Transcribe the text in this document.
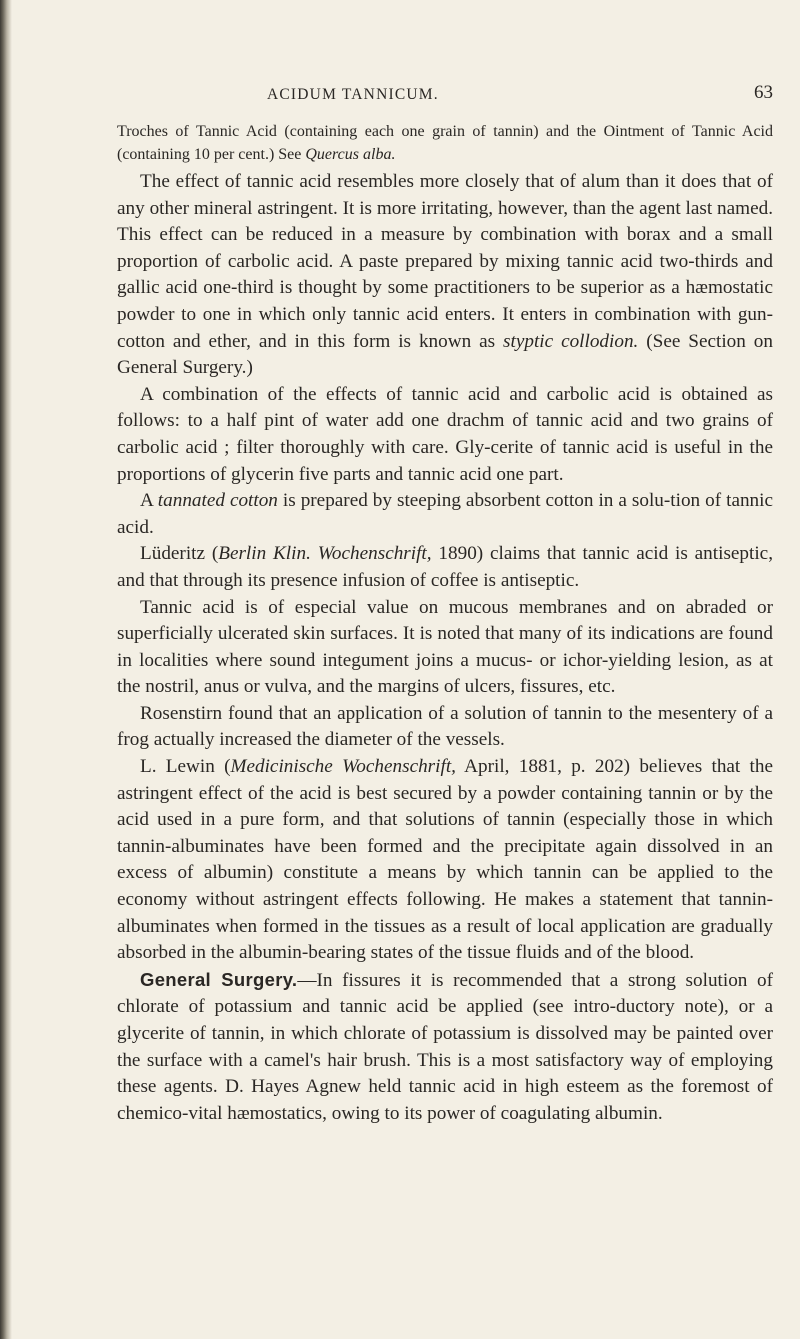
ACIDUM TANNICUM.	63
Troches of Tannic Acid (containing each one grain of tannin) and the Ointment of Tannic Acid (containing 10 per cent.) See Quercus alba.

The effect of tannic acid resembles more closely that of alum than it does that of any other mineral astringent. It is more irritating, however, than the agent last named. This effect can be reduced in a measure by combination with borax and a small proportion of carbolic acid. A paste prepared by mixing tannic acid two-thirds and gallic acid one-third is thought by some practitioners to be superior as a hæmostatic powder to one in which only tannic acid enters. It enters in combination with gun-cotton and ether, and in this form is known as styptic collodion. (See Section on General Surgery.)

A combination of the effects of tannic acid and carbolic acid is obtained as follows: to a half pint of water add one drachm of tannic acid and two grains of carbolic acid ; filter thoroughly with care. Gly-cerite of tannic acid is useful in the proportions of glycerin five parts and tannic acid one part.

A tannated cotton is prepared by steeping absorbent cotton in a solu-tion of tannic acid.

Lüderitz (Berlin Klin. Wochenschrift, 1890) claims that tannic acid is antiseptic, and that through its presence infusion of coffee is antiseptic.

Tannic acid is of especial value on mucous membranes and on abraded or superficially ulcerated skin surfaces. It is noted that many of its indications are found in localities where sound integument joins a mucus- or ichor-yielding lesion, as at the nostril, anus or vulva, and the margins of ulcers, fissures, etc.

Rosenstirn found that an application of a solution of tannin to the mesentery of a frog actually increased the diameter of the vessels.

L. Lewin (Medicinische Wochenschrift, April, 1881, p. 202) believes that the astringent effect of the acid is best secured by a powder containing tannin or by the acid used in a pure form, and that solutions of tannin (especially those in which tannin-albuminates have been formed and the precipitate again dissolved in an excess of albumin) constitute a means by which tannin can be applied to the economy without astringent effects following. He makes a statement that tannin-albuminates when formed in the tissues as a result of local application are gradually absorbed in the albumin-bearing states of the tissue fluids and of the blood.

General Surgery.—In fissures it is recommended that a strong solution of chlorate of potassium and tannic acid be applied (see intro-ductory note), or a glycerite of tannin, in which chlorate of potassium is dissolved may be painted over the surface with a camel's hair brush. This is a most satisfactory way of employing these agents. D. Hayes Agnew held tannic acid in high esteem as the foremost of chemico-vital hæmostatics, owing to its power of coagulating albumin.
